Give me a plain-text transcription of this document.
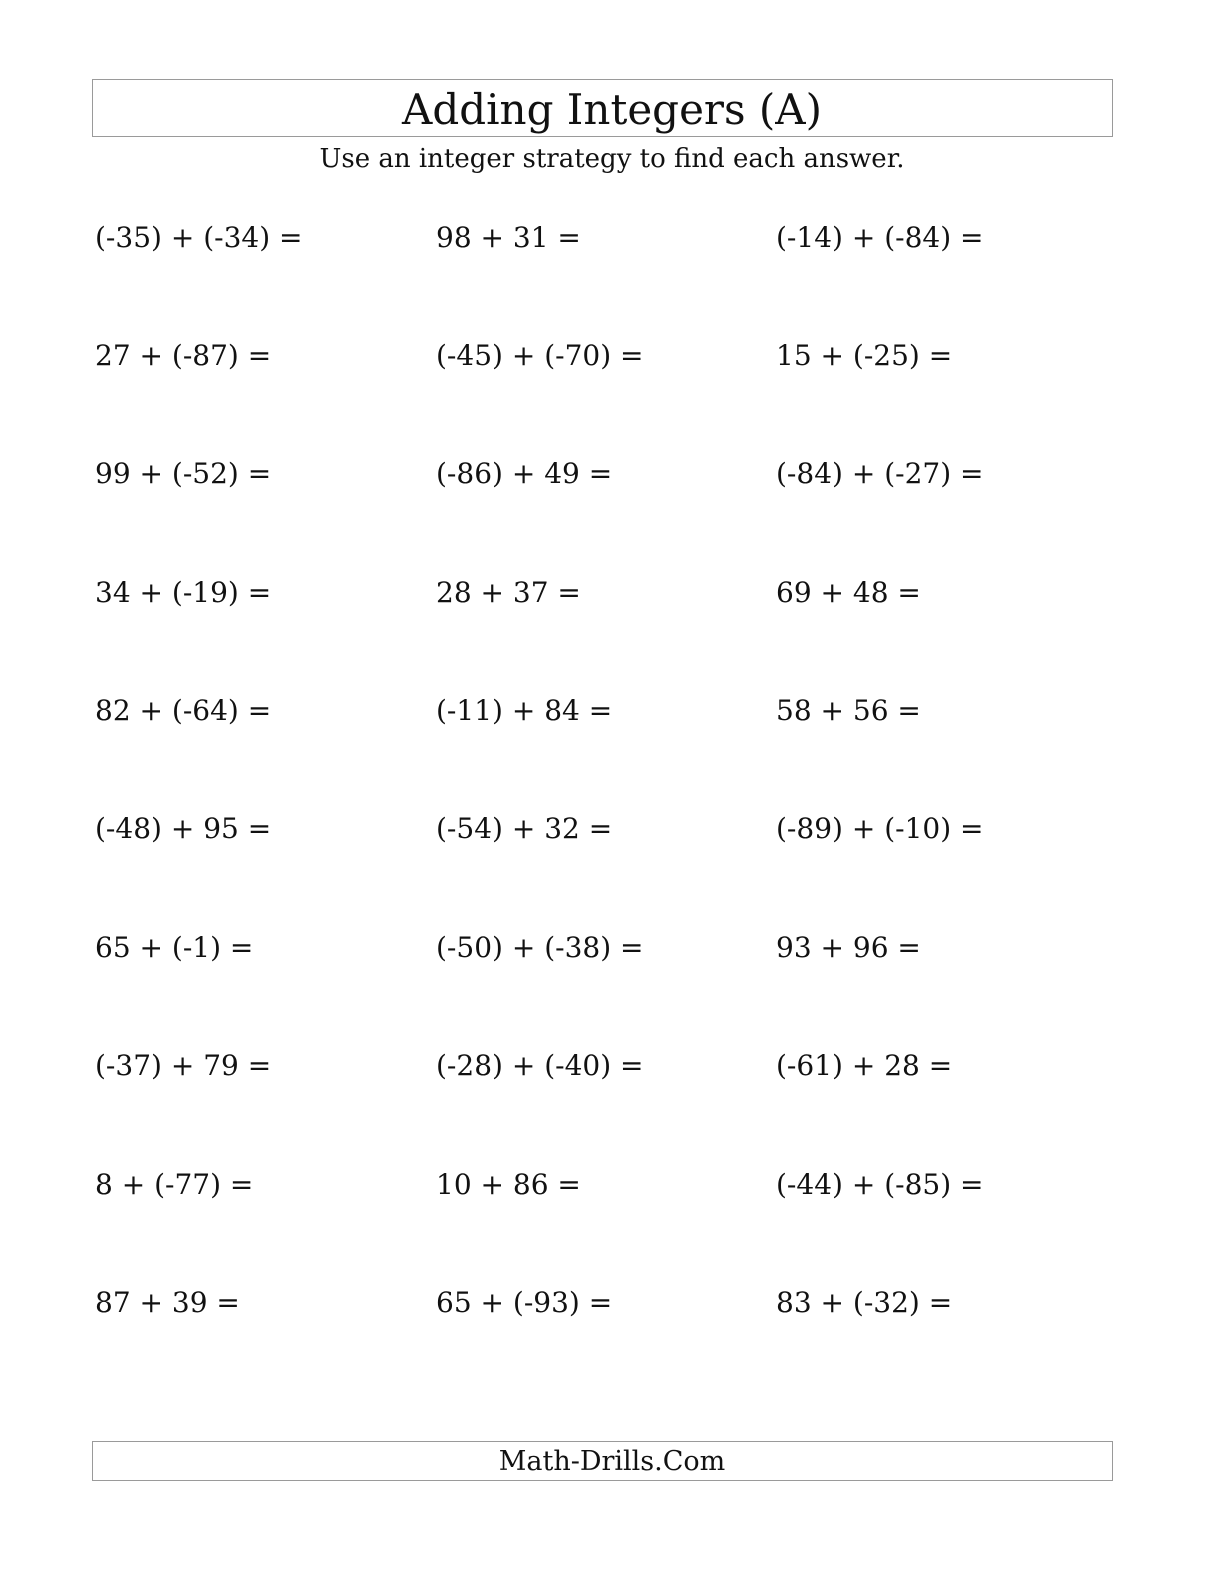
Adding Integers (A)
Use an integer strategy to find each answer.
(-35) + (-34) =	98 + 31 =	(-14) + (-84) =
27 + (-87) =	(-45) + (-70) =	15 + (-25) =
99 + (-52) =	(-86) + 49 =	(-84) + (-27) =
34 + (-19) =	28 + 37 =	69 + 48 =
82 + (-64) =	(-11) + 84 =	58 + 56 =
(-48) + 95 =	(-54) + 32 =	(-89) + (-10) =
65 + (-1) =	(-50) + (-38) =	93 + 96 =
(-37) + 79 =	(-28) + (-40) =	(-61) + 28 =
8 + (-77) =	10 + 86 =	(-44) + (-85) =
87 + 39 =	65 + (-93) =	83 + (-32) =
Math-Drills.Com
